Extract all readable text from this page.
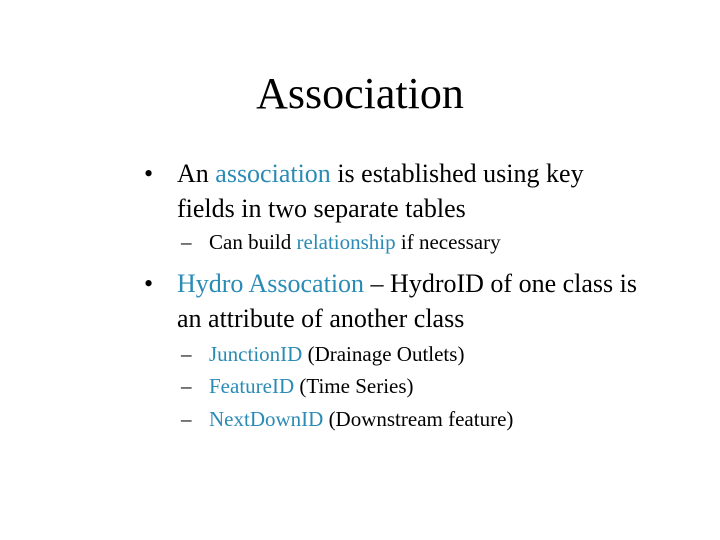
Association
• An association is established using key
fields in two separate tables
– Can build relationship if necessary
• Hydro Assocation – HydroID of one class is
an attribute of another class
– JunctionID (Drainage Outlets)
– FeatureID (Time Series)
– NextDownID (Downstream feature)
